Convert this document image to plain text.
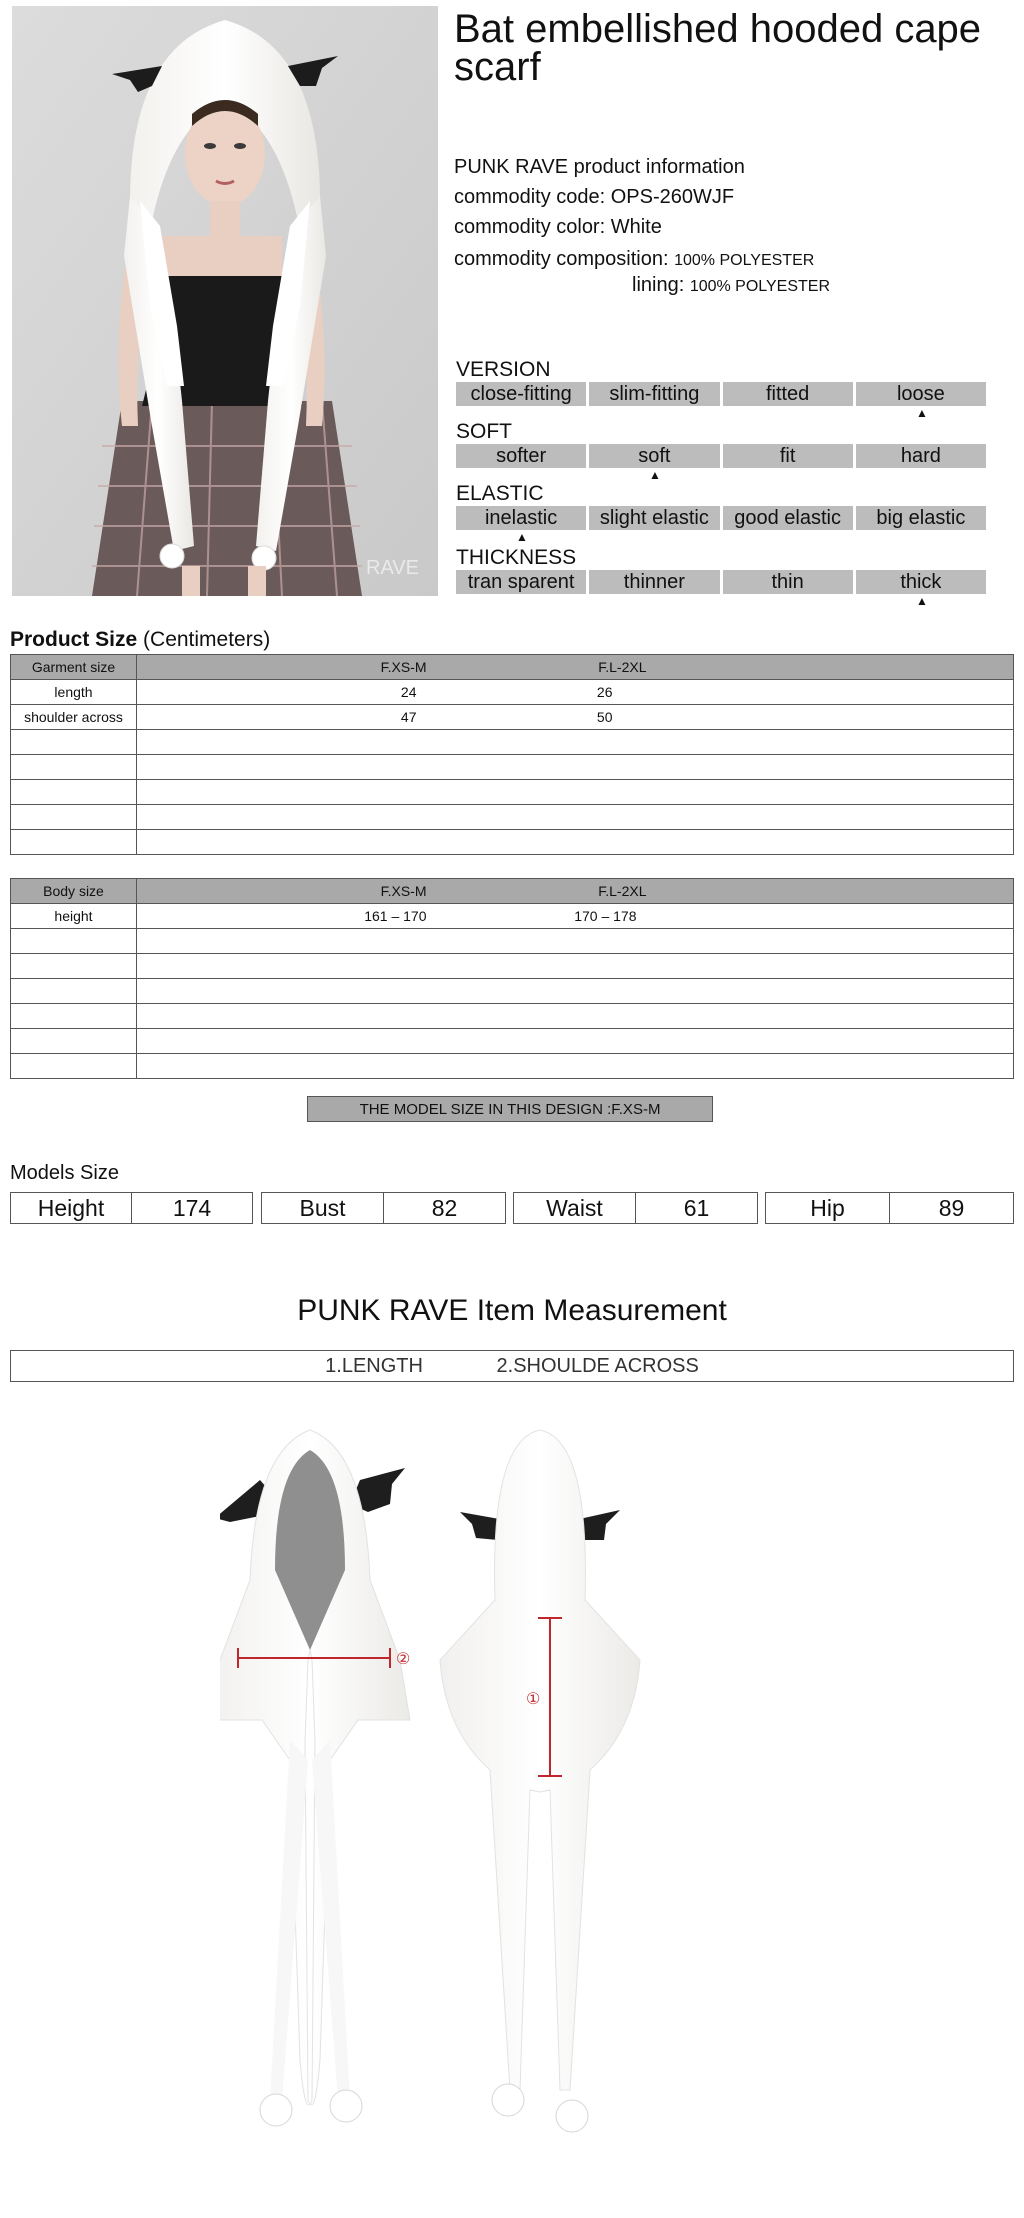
RAVE
Bat embellished hooded cape scarf
PUNK RAVE product information
commodity code: OPS-260WJF
commodity color: White
commodity composition: 100% POLYESTER
lining: 100% POLYESTER
VERSION
close-fitting	slim-fitting	fitted	loose
▲
SOFT
softer	soft	fit	hard
▲
ELASTIC
inelastic	slight elastic	good elastic	big elastic
▲
THICKNESS
tran sparent	thinner	thin	thick
▲
Product Size (Centimeters)
Garment size	F.XS-M	F.L-2XL	
length	24	26	
shoulder across	47	50	

Body size	F.XS-M	F.L-2XL	
height	161 – 170	170 – 178	

THE MODEL SIZE IN THIS DESIGN :F.XS-M
Models Size
Height	174	Bust	82	Waist	61	Hip	89
PUNK RAVE Item Measurement
1.LENGTH	2.SHOULDE ACROSS
②
①
